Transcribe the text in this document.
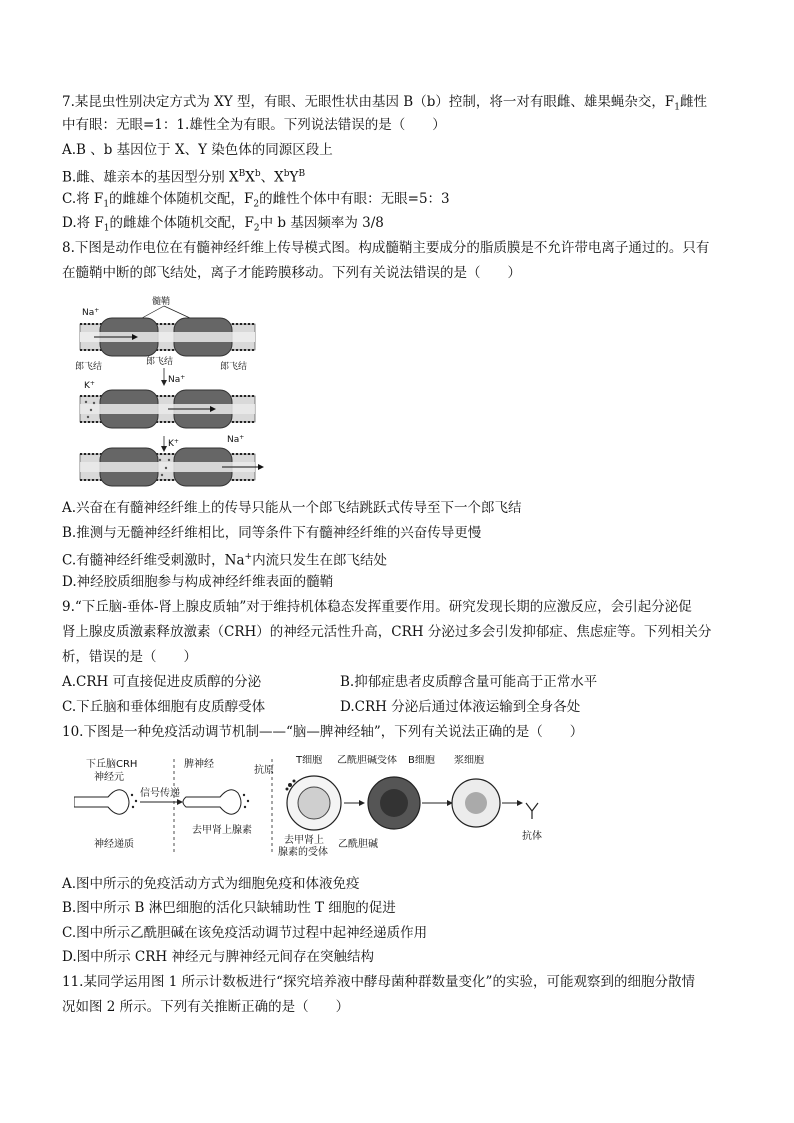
7.某昆虫性别决定方式为 XY 型，有眼、无眼性状由基因 B（b）控制，将一对有眼雌、雄果蝇杂交，$F_1$雌性
中有眼：无眼=1：1.雄性全为有眼。下列说法错误的是（　　）
A.B 、b 基因位于 X、Y 染色体的同源区段上
B.雌、雄亲本的基因型分别 $X^BX^b$、$X^bY^B$
C.将 $F_1$的雌雄个体随机交配，$F_2$的雌性个体中有眼：无眼=5：3
D.将 $F_1$的雌雄个体随机交配，$F_2$中 b 基因频率为 3/8
8.下图是动作电位在有髓神经纤维上传导模式图。构成髓鞘主要成分的脂质膜是不允许带电离子通过的。只有
在髓鞘中断的郎飞结处，离子才能跨膜移动。下列有关说法错误的是（　　）
髓鞘
Na+
郎飞结	郎飞结	郎飞结
Na+
K+
K+	Na+
A.兴奋在有髓神经纤维上的传导只能从一个郎飞结跳跃式传导至下一个郎飞结
B.推测与无髓神经纤维相比，同等条件下有髓神经纤维的兴奋传导更慢
C.有髓神经纤维受刺激时，Na+内流只发生在郎飞结处
D.神经胶质细胞参与构成神经纤维表面的髓鞘
9.“下丘脑-垂体-肾上腺皮质轴”对于维持机体稳态发挥重要作用。研究发现长期的应激反应，会引起分泌促
肾上腺皮质激素释放激素（CRH）的神经元活性升高，CRH 分泌过多会引发抑郁症、焦虑症等。下列相关分
析，错误的是（　　）
A.CRH 可直接促进皮质醇的分泌	B.抑郁症患者皮质醇含量可能高于正常水平
C.下丘脑和垂体细胞有皮质醇受体	D.CRH 分泌后通过体液运输到全身各处
10.下图是一种免疫活动调节机制——“脑—脾神经轴”，下列有关说法正确的是（　　）
下丘脑CRH
神经元
信号传递
神经递质
脾神经
去甲肾上腺素
抗原
T细胞
去甲肾上
腺素的受体
乙酰胆碱受体 B细胞
乙酰胆碱
浆细胞
抗体
A.图中所示的免疫活动方式为细胞免疫和体液免疫
B.图中所示 B 淋巴细胞的活化只缺辅助性 T 细胞的促进
C.图中所示乙酰胆碱在该免疫活动调节过程中起神经递质作用
D.图中所示 CRH 神经元与脾神经元间存在突触结构
11.某同学运用图 1 所示计数板进行“探究培养液中酵母菌种群数量变化”的实验，可能观察到的细胞分散情
况如图 2 所示。下列有关推断正确的是（　　）
